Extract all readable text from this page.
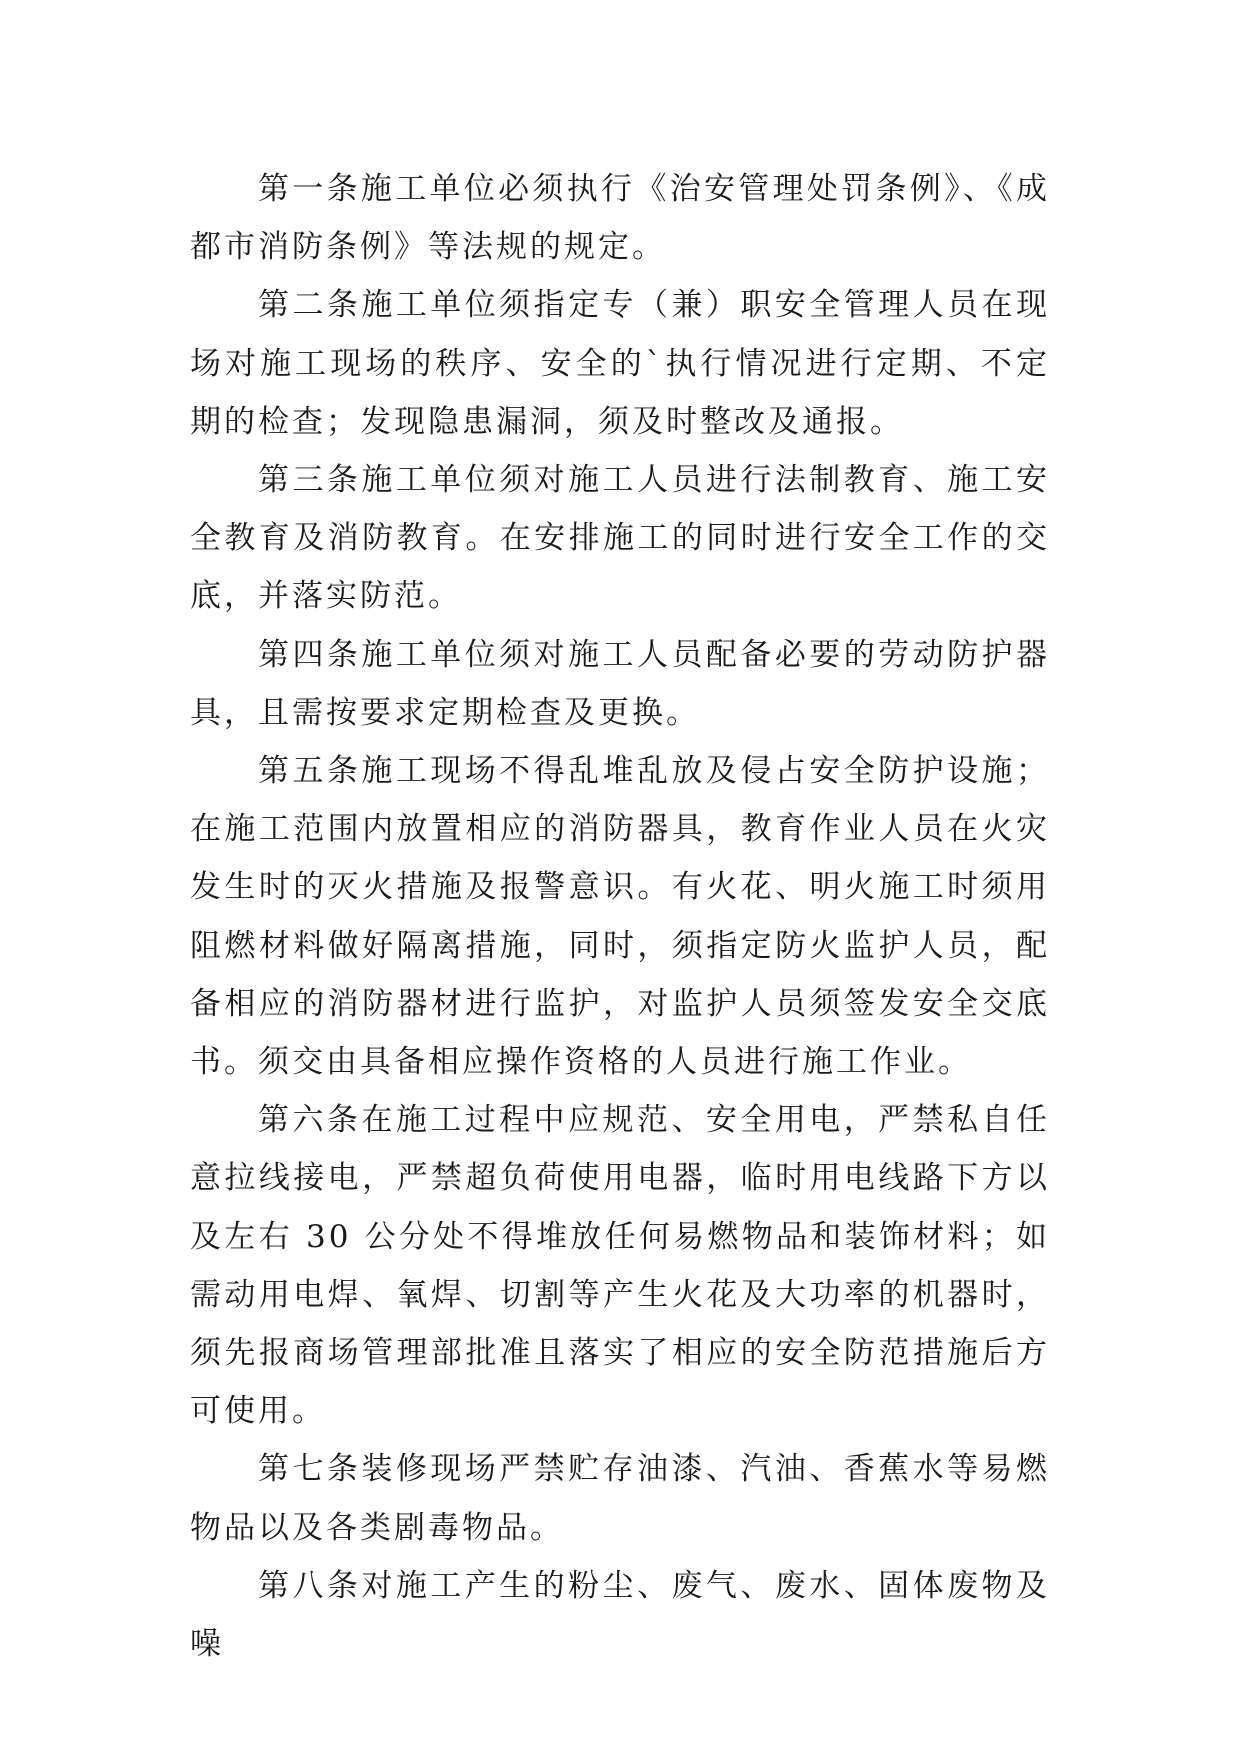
第一条施工单位必须执行《治安管理处罚条例》、《成都市消防条例》等法规的规定。

第二条施工单位须指定专（兼）职安全管理人员在现场对施工现场的秩序、安全的`执行情况进行定期、不定期的检查；发现隐患漏洞，须及时整改及通报。

第三条施工单位须对施工人员进行法制教育、施工安全教育及消防教育。在安排施工的同时进行安全工作的交底，并落实防范。

第四条施工单位须对施工人员配备必要的劳动防护器具，且需按要求定期检查及更换。

第五条施工现场不得乱堆乱放及侵占安全防护设施；在施工范围内放置相应的消防器具，教育作业人员在火灾发生时的灭火措施及报警意识。有火花、明火施工时须用阻燃材料做好隔离措施，同时，须指定防火监护人员，配备相应的消防器材进行监护，对监护人员须签发安全交底书。须交由具备相应操作资格的人员进行施工作业。

第六条在施工过程中应规范、安全用电，严禁私自任意拉线接电，严禁超负荷使用电器，临时用电线路下方以及左右 30 公分处不得堆放任何易燃物品和装饰材料；如需动用电焊、氧焊、切割等产生火花及大功率的机器时，须先报商场管理部批准且落实了相应的安全防范措施后方可使用。

第七条装修现场严禁贮存油漆、汽油、香蕉水等易燃物品以及各类剧毒物品。

第八条对施工产生的粉尘、废气、废水、固体废物及噪
